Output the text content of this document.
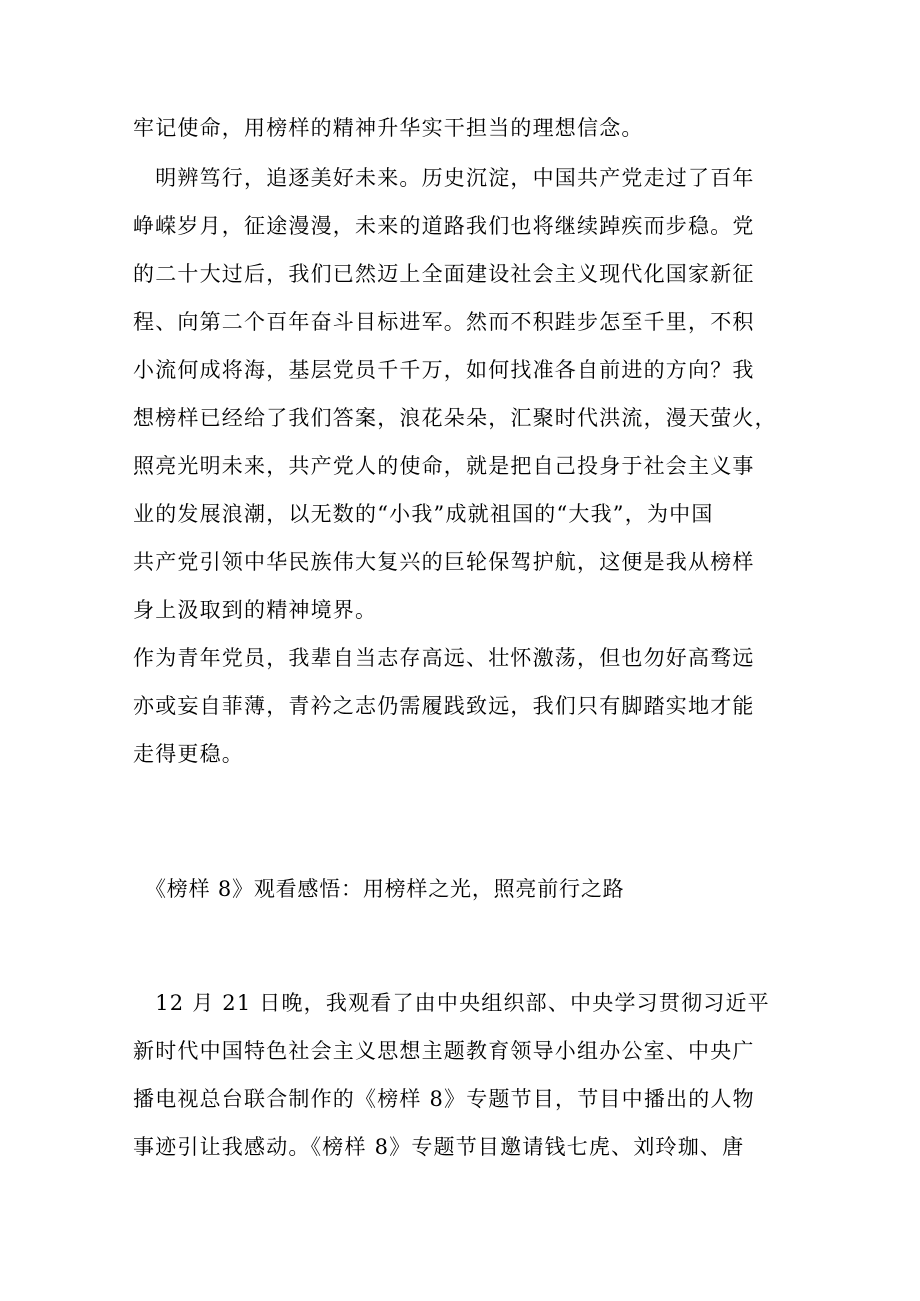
牢记使命，用榜样的精神升华实干担当的理想信念。
　明辨笃行，追逐美好未来。历史沉淀，中国共产党走过了百年
峥嵘岁月，征途漫漫，未来的道路我们也将继续踔疾而步稳。党
的二十大过后，我们已然迈上全面建设社会主义现代化国家新征
程、向第二个百年奋斗目标进军。然而不积跬步怎至千里，不积
小流何成将海，基层党员千千万，如何找准各自前进的方向？我
想榜样已经给了我们答案，浪花朵朵，汇聚时代洪流，漫天萤火，
照亮光明未来，共产党人的使命，就是把自己投身于社会主义事
业的发展浪潮，以无数的“小我”成就祖国的“大我”，为中国
共产党引领中华民族伟大复兴的巨轮保驾护航，这便是我从榜样
身上汲取到的精神境界。
作为青年党员，我辈自当志存高远、壮怀激荡，但也勿好高骛远
亦或妄自菲薄，青衿之志仍需履践致远，我们只有脚踏实地才能
走得更稳。
《榜样 8》观看感悟：用榜样之光，照亮前行之路
　12 月 21 日晚，我观看了由中央组织部、中央学习贯彻习近平
新时代中国特色社会主义思想主题教育领导小组办公室、中央广
播电视总台联合制作的《榜样 8》专题节目，节目中播出的人物
事迹引让我感动。《榜样 8》专题节目邀请钱七虎、刘玲珈、唐
